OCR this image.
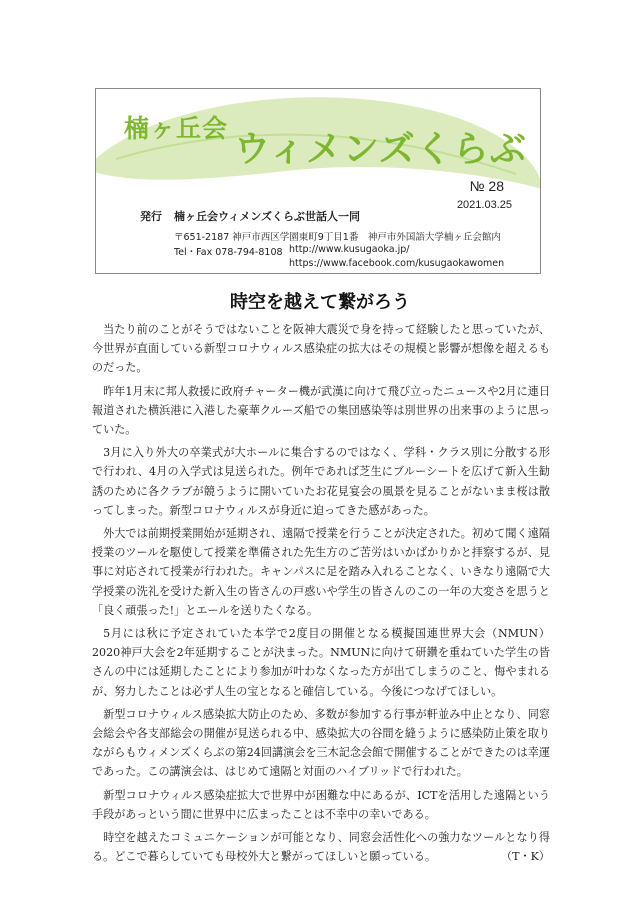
楠ヶ丘会
ウィメンズくらぶ
№ 28
2021.03.25
発行 楠ヶ丘会ウィメンズくらぶ世話人一同
〒651-2187 神戸市西区学園東町9丁目1番　神戸市外国語大学楠ヶ丘会館内
Tel・Fax 078-794-8108 http://www.kusugaoka.jp/
https://www.facebook.com/kusugaokawomen
時空を越えて繋がろう

当たり前のことがそうではないことを阪神大震災で身を持って経験したと思っていたが、今世界が直面している新型コロナウィルス感染症の拡大はその規模と影響が想像を超えるものだった。

昨年1月末に邦人救援に政府チャーター機が武漢に向けて飛び立ったニュースや2月に連日報道された横浜港に入港した豪華クルーズ船での集団感染等は別世界の出来事のように思っていた。

3月に入り外大の卒業式が大ホールに集合するのではなく、学科・クラス別に分散する形で行われ、4月の入学式は見送られた。例年であれば芝生にブルーシートを広げて新入生勧誘のために各クラブが競うように開いていたお花見宴会の風景を見ることがないまま桜は散ってしまった。新型コロナウィルスが身近に迫ってきた感があった。

外大では前期授業開始が延期され、遠隔で授業を行うことが決定された。初めて聞く遠隔授業のツールを駆使して授業を準備された先生方のご苦労はいかばかりかと拝察するが、見事に対応されて授業が行われた。キャンパスに足を踏み入れることなく、いきなり遠隔で大学授業の洗礼を受けた新入生の皆さんの戸惑いや学生の皆さんのこの一年の大変さを思うと「良く頑張った!」とエールを送りたくなる。

5月には秋に予定されていた本学で2度目の開催となる模擬国連世界大会（NMUN）2020神戸大会を2年延期することが決まった。NMUNに向けて研鑽を重ねていた学生の皆さんの中には延期したことにより参加が叶わなくなった方が出てしまうのこと、悔やまれるが、努力したことは必ず人生の宝となると確信している。今後につなげてほしい。

新型コロナウィルス感染拡大防止のため、多数が参加する行事が軒並み中止となり、同窓会総会や各支部総会の開催が見送られる中、感染拡大の谷間を縫うように感染防止策を取りながらもウィメンズくらぶの第24回講演会を三木記念会館で開催することができたのは幸運であった。この講演会は、はじめて遠隔と対面のハイブリッドで行われた。

新型コロナウィルス感染症拡大で世界中が困難な中にあるが、ICTを活用した遠隔という手段があっという間に世界中に広まったことは不幸中の幸いである。

時空を越えたコミュニケーションが可能となり、同窓会活性化への強力なツールとなり得る。どこで暮らしていても母校外大と繋がってほしいと願っている。	（T・K）
